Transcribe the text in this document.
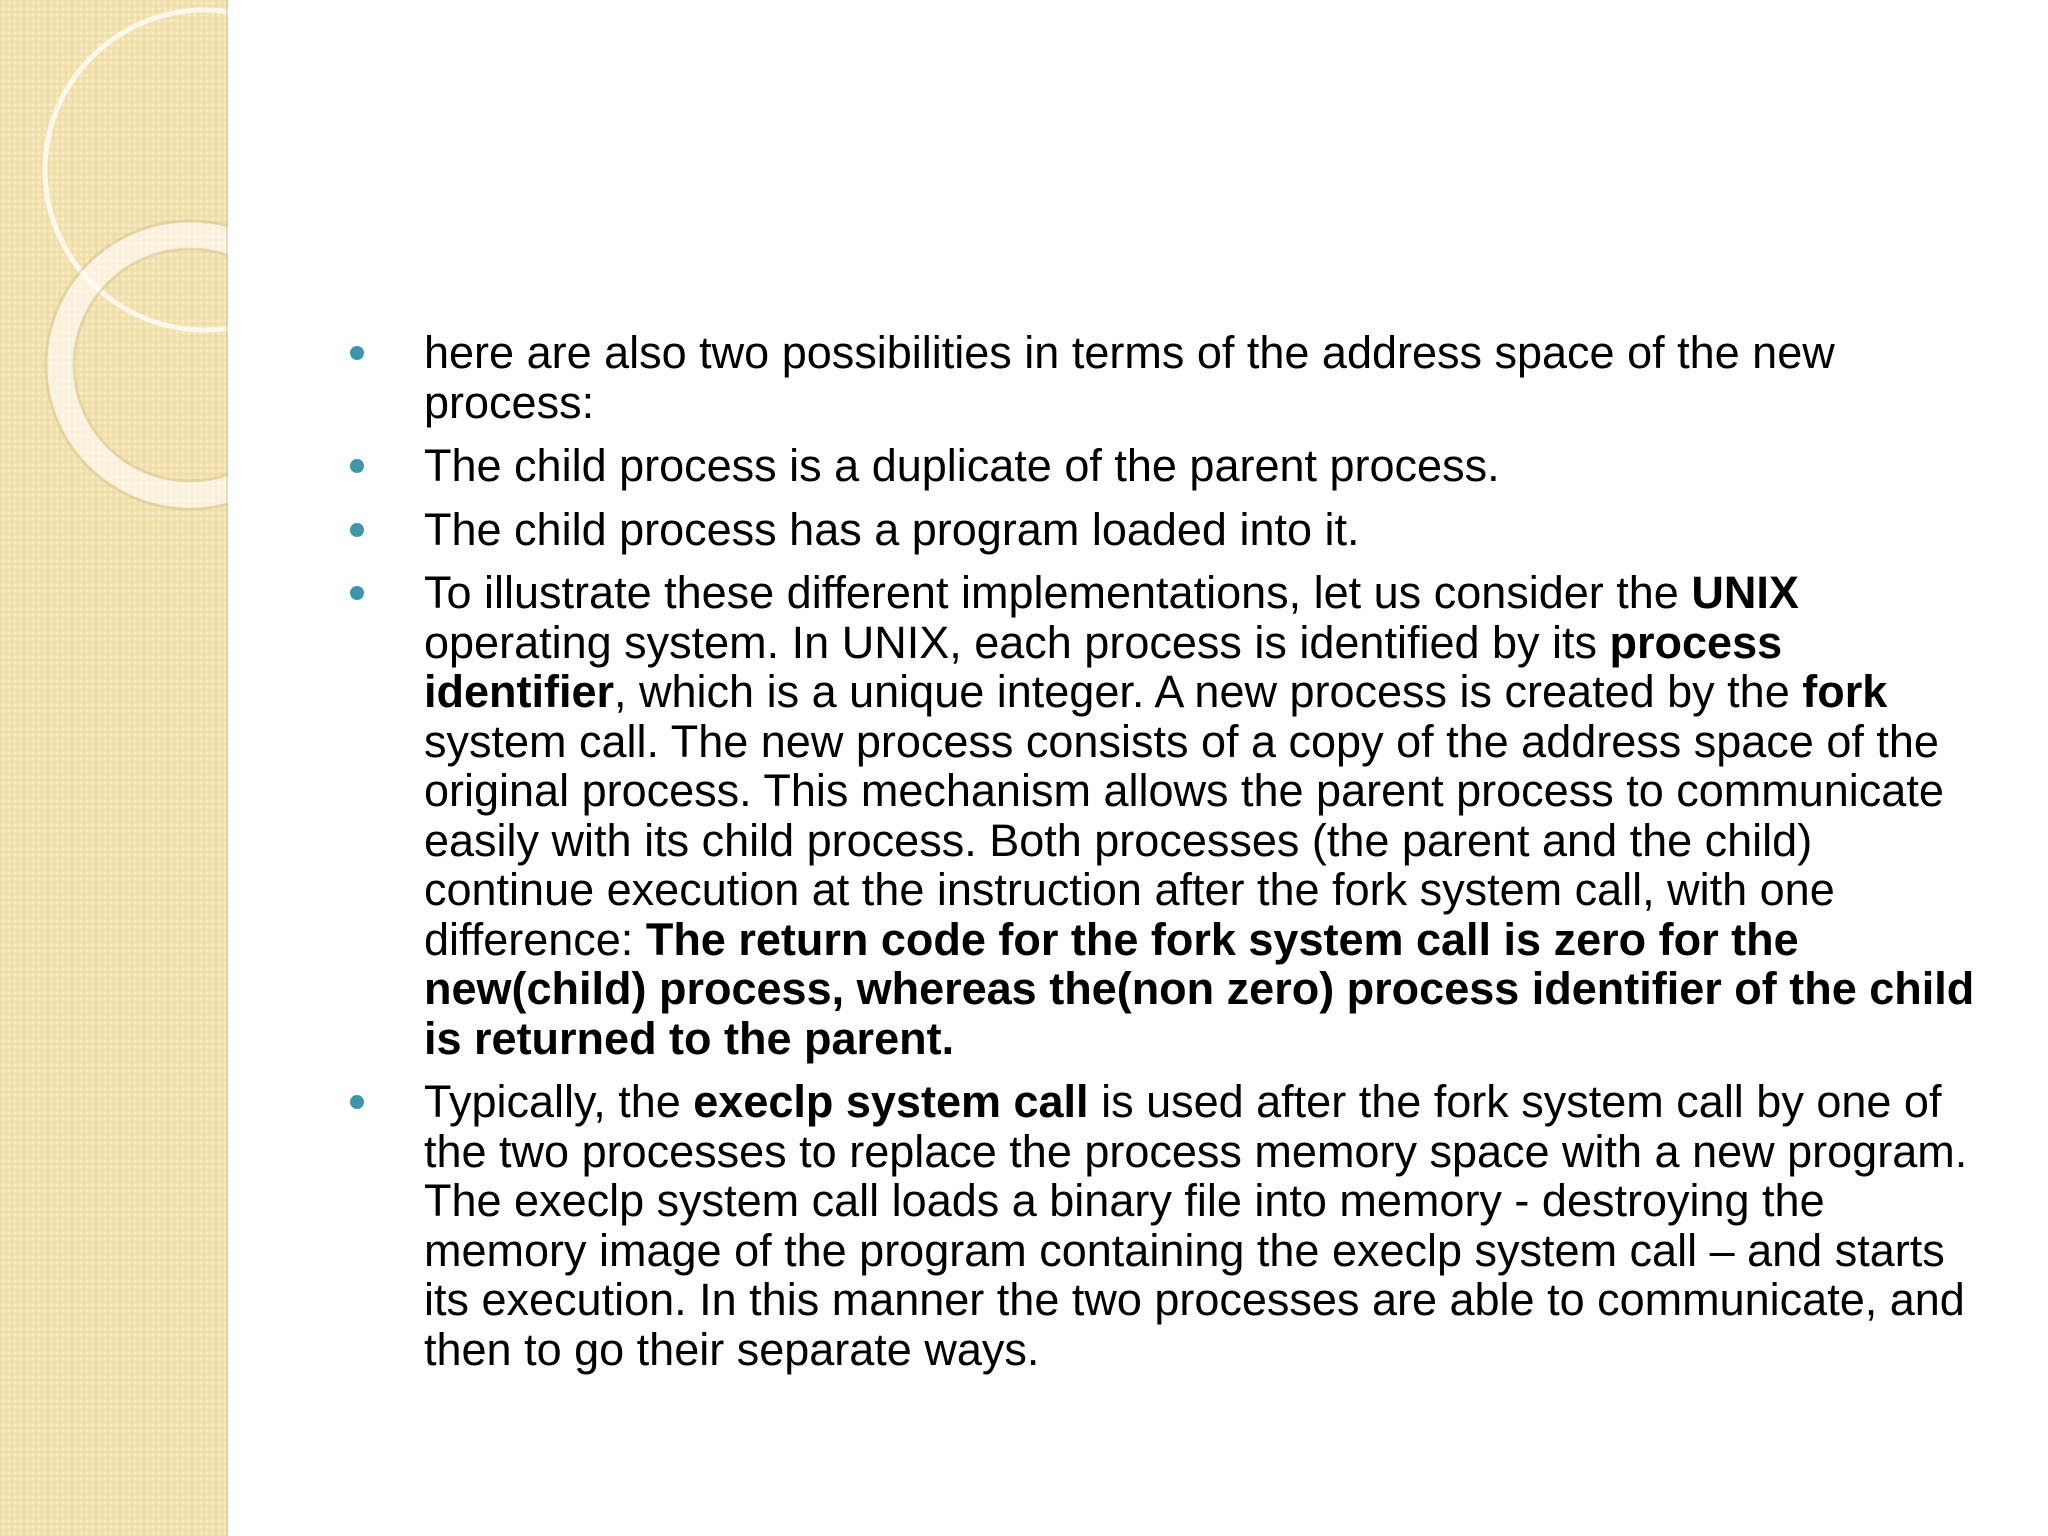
here are also two possibilities in terms of the address space of the new process:
The child process is a duplicate of the parent process.
The child process has a program loaded into it.
To illustrate these different implementations, let us consider the UNIX operating system. In UNIX, each process is identified by its process identifier, which is a unique integer. A new process is created by the fork system call. The new process consists of a copy of the address space of the original process. This mechanism allows the parent process to communicate easily with its child process. Both processes (the parent and the child) continue execution at the instruction after the fork system call, with one difference: The return code for the fork system call is zero for the new(child) process, whereas the(non zero) process identifier of the child is returned to the parent.
Typically, the execlp system call is used after the fork system call by one of the two processes to replace the process memory space with a new program. The execlp system call loads a binary file into memory - destroying the memory image of the program containing the execlp system call – and starts its execution. In this manner the two processes are able to communicate, and then to go their separate ways.
